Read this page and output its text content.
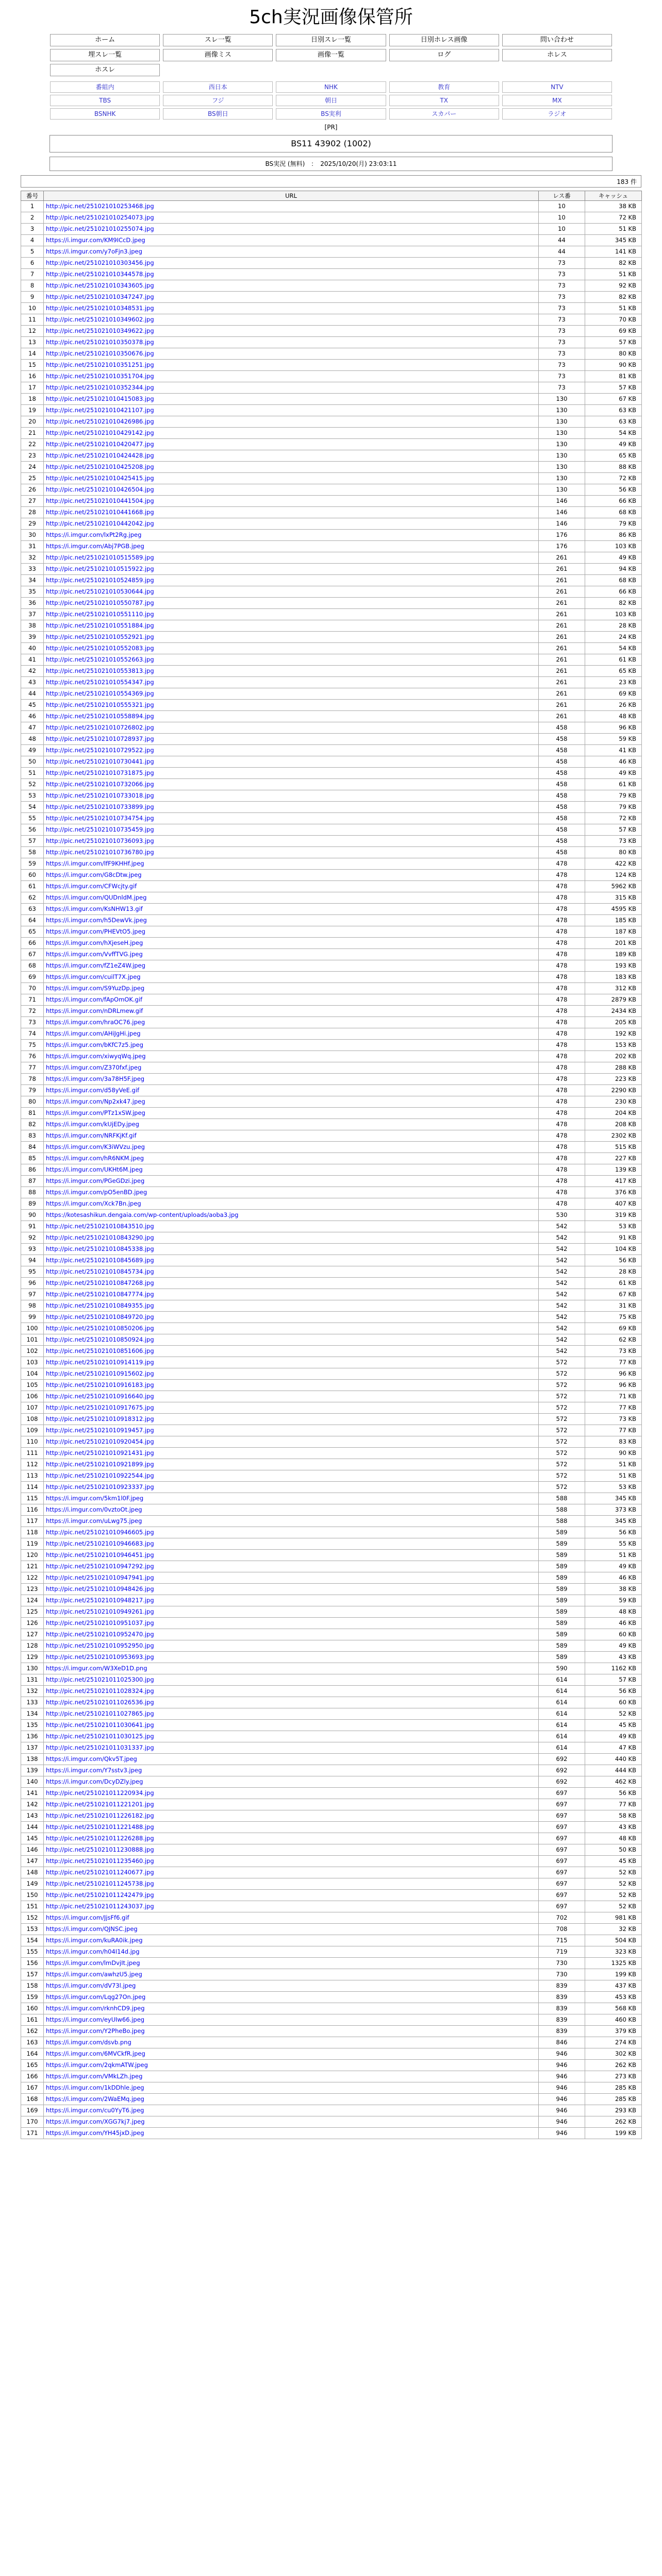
5ch実況画像保管所
ホーム	スレ一覧	日別スレ一覧	日別ホレス画像	問い合わせ
埋スレ一覧	画像ミス	画像一覧	ログ	ホレス
ホスレ
番組内	西日本	NHK	教育	NTV
TBS	フジ	朝日	TX	MX
BSNHK	BS朝日	BS実利	スカパー	ラジオ
[PR]
BS11 43902 (1002)
BS実況 (無料)　：　2025/10/20(月) 23:03:11
183 件
番号	URL	レス番	キャッシュ
1	http://pic.net/251021010253468.jpg	10	38 KB
2	http://pic.net/251021010254073.jpg	10	72 KB
3	http://pic.net/251021010255074.jpg	10	51 KB
4	https://i.imgur.com/KM9ICcD.jpeg	44	345 KB
5	https://i.imgur.com/y7oFjn3.jpeg	44	141 KB
6	http://pic.net/251021010303456.jpg	73	82 KB
7	http://pic.net/251021010344578.jpg	73	51 KB
8	http://pic.net/251021010343605.jpg	73	92 KB
9	http://pic.net/251021010347247.jpg	73	82 KB
10	http://pic.net/251021010348531.jpg	73	51 KB
11	http://pic.net/251021010349602.jpg	73	70 KB
12	http://pic.net/251021010349622.jpg	73	69 KB
13	http://pic.net/251021010350378.jpg	73	57 KB
14	http://pic.net/251021010350676.jpg	73	80 KB
15	http://pic.net/251021010351251.jpg	73	90 KB
16	http://pic.net/251021010351704.jpg	73	81 KB
17	http://pic.net/251021010352344.jpg	73	57 KB
18	http://pic.net/251021010415083.jpg	130	67 KB
19	http://pic.net/251021010421107.jpg	130	63 KB
20	http://pic.net/251021010426986.jpg	130	63 KB
21	http://pic.net/251021010429142.jpg	130	54 KB
22	http://pic.net/251021010420477.jpg	130	49 KB
23	http://pic.net/251021010424428.jpg	130	65 KB
24	http://pic.net/251021010425208.jpg	130	88 KB
25	http://pic.net/251021010425415.jpg	130	72 KB
26	http://pic.net/251021010426504.jpg	130	56 KB
27	http://pic.net/251021010441504.jpg	146	66 KB
28	http://pic.net/251021010441668.jpg	146	68 KB
29	http://pic.net/251021010442042.jpg	146	79 KB
30	https://i.imgur.com/lxPt2Rg.jpeg	176	86 KB
31	https://i.imgur.com/Abj7PGB.jpeg	176	103 KB
32	http://pic.net/251021010515589.jpg	261	49 KB
33	http://pic.net/251021010515922.jpg	261	94 KB
34	http://pic.net/251021010524859.jpg	261	68 KB
35	http://pic.net/251021010530644.jpg	261	66 KB
36	http://pic.net/251021010550787.jpg	261	82 KB
37	http://pic.net/251021010551110.jpg	261	103 KB
38	http://pic.net/251021010551884.jpg	261	28 KB
39	http://pic.net/251021010552921.jpg	261	24 KB
40	http://pic.net/251021010552083.jpg	261	54 KB
41	http://pic.net/251021010552663.jpg	261	61 KB
42	http://pic.net/251021010553813.jpg	261	65 KB
43	http://pic.net/251021010554347.jpg	261	23 KB
44	http://pic.net/251021010554369.jpg	261	69 KB
45	http://pic.net/251021010555321.jpg	261	26 KB
46	http://pic.net/251021010558894.jpg	261	48 KB
47	http://pic.net/251021010726802.jpg	458	96 KB
48	http://pic.net/251021010728937.jpg	458	59 KB
49	http://pic.net/251021010729522.jpg	458	41 KB
50	http://pic.net/251021010730441.jpg	458	46 KB
51	http://pic.net/251021010731875.jpg	458	49 KB
52	http://pic.net/251021010732066.jpg	458	61 KB
53	http://pic.net/251021010733018.jpg	458	79 KB
54	http://pic.net/251021010733899.jpg	458	79 KB
55	http://pic.net/251021010734754.jpg	458	72 KB
56	http://pic.net/251021010735459.jpg	458	57 KB
57	http://pic.net/251021010736093.jpg	458	73 KB
58	http://pic.net/251021010736780.jpg	458	80 KB
59	https://i.imgur.com/lfF9KHHf.jpeg	478	422 KB
60	https://i.imgur.com/G8cDtw.jpeg	478	124 KB
61	https://i.imgur.com/CFWcjty.gif	478	5962 KB
62	https://i.imgur.com/QUDnldM.jpeg	478	315 KB
63	https://i.imgur.com/KsNHW13.gif	478	4595 KB
64	https://i.imgur.com/h5DewVk.jpeg	478	185 KB
65	https://i.imgur.com/PHEVtO5.jpeg	478	187 KB
66	https://i.imgur.com/hXjeseH.jpeg	478	201 KB
67	https://i.imgur.com/VvffTVG.jpeg	478	189 KB
68	https://i.imgur.com/fZ1eZ4W.jpeg	478	193 KB
69	https://i.imgur.com/cuilT7X.jpeg	478	183 KB
70	https://i.imgur.com/S9YuzDp.jpeg	478	312 KB
71	https://i.imgur.com/fApOmOK.gif	478	2879 KB
72	https://i.imgur.com/nDRLmew.gif	478	2434 KB
73	https://i.imgur.com/hraOC76.jpeg	478	205 KB
74	https://i.imgur.com/AHiJgHi.jpeg	478	192 KB
75	https://i.imgur.com/bKfC7z5.jpeg	478	153 KB
76	https://i.imgur.com/xiwyqWq.jpeg	478	202 KB
77	https://i.imgur.com/Z370fxf.jpeg	478	288 KB
78	https://i.imgur.com/3a78H5F.jpeg	478	223 KB
79	https://i.imgur.com/d58yVeE.gif	478	2290 KB
80	https://i.imgur.com/Np2xk47.jpeg	478	230 KB
81	https://i.imgur.com/PTz1xSW.jpeg	478	204 KB
82	https://i.imgur.com/kUjEDy.jpeg	478	208 KB
83	https://i.imgur.com/NRFKjKf.gif	478	2302 KB
84	https://i.imgur.com/K3iWVzu.jpeg	478	515 KB
85	https://i.imgur.com/hR6NKM.jpeg	478	227 KB
86	https://i.imgur.com/UKHt6M.jpeg	478	139 KB
87	https://i.imgur.com/PGeGDzi.jpeg	478	417 KB
88	https://i.imgur.com/pO5enBD.jpeg	478	376 KB
89	https://i.imgur.com/Xck7Bn.jpeg	478	407 KB
90	https://kotesashikun.dengaia.com/wp-content/uploads/aoba3.jpg	530	319 KB
91	http://pic.net/251021010843510.jpg	542	53 KB
92	http://pic.net/251021010843290.jpg	542	91 KB
93	http://pic.net/251021010845338.jpg	542	104 KB
94	http://pic.net/251021010845689.jpg	542	56 KB
95	http://pic.net/251021010845734.jpg	542	28 KB
96	http://pic.net/251021010847268.jpg	542	61 KB
97	http://pic.net/251021010847774.jpg	542	67 KB
98	http://pic.net/251021010849355.jpg	542	31 KB
99	http://pic.net/251021010849720.jpg	542	75 KB
100	http://pic.net/251021010850206.jpg	542	69 KB
101	http://pic.net/251021010850924.jpg	542	62 KB
102	http://pic.net/251021010851606.jpg	542	73 KB
103	http://pic.net/251021010914119.jpg	572	77 KB
104	http://pic.net/251021010915602.jpg	572	96 KB
105	http://pic.net/251021010916183.jpg	572	96 KB
106	http://pic.net/251021010916640.jpg	572	71 KB
107	http://pic.net/251021010917675.jpg	572	77 KB
108	http://pic.net/251021010918312.jpg	572	73 KB
109	http://pic.net/251021010919457.jpg	572	77 KB
110	http://pic.net/251021010920454.jpg	572	83 KB
111	http://pic.net/251021010921431.jpg	572	90 KB
112	http://pic.net/251021010921899.jpg	572	51 KB
113	http://pic.net/251021010922544.jpg	572	51 KB
114	http://pic.net/251021010923337.jpg	572	53 KB
115	https://i.imgur.com/5km1l0F.jpeg	588	345 KB
116	https://i.imgur.com/0vztoOt.jpeg	588	373 KB
117	https://i.imgur.com/uLwg75.jpeg	588	345 KB
118	http://pic.net/251021010946605.jpg	589	56 KB
119	http://pic.net/251021010946683.jpg	589	55 KB
120	http://pic.net/251021010946451.jpg	589	51 KB
121	http://pic.net/251021010947292.jpg	589	49 KB
122	http://pic.net/251021010947941.jpg	589	46 KB
123	http://pic.net/251021010948426.jpg	589	38 KB
124	http://pic.net/251021010948217.jpg	589	59 KB
125	http://pic.net/251021010949261.jpg	589	48 KB
126	http://pic.net/251021010951037.jpg	589	46 KB
127	http://pic.net/251021010952470.jpg	589	60 KB
128	http://pic.net/251021010952950.jpg	589	49 KB
129	http://pic.net/251021010953693.jpg	589	43 KB
130	https://i.imgur.com/W3XeD1D.png	590	1162 KB
131	http://pic.net/251021011025300.jpg	614	57 KB
132	http://pic.net/251021011028324.jpg	614	56 KB
133	http://pic.net/251021011026536.jpg	614	60 KB
134	http://pic.net/251021011027865.jpg	614	52 KB
135	http://pic.net/251021011030641.jpg	614	45 KB
136	http://pic.net/251021011030125.jpg	614	49 KB
137	http://pic.net/251021011031337.jpg	614	47 KB
138	https://i.imgur.com/Qkv5T.jpeg	692	440 KB
139	https://i.imgur.com/Y7sstv3.jpeg	692	444 KB
140	https://i.imgur.com/DcyDZly.jpeg	692	462 KB
141	http://pic.net/251021011220934.jpg	697	56 KB
142	http://pic.net/251021011221201.jpg	697	77 KB
143	http://pic.net/251021011226182.jpg	697	58 KB
144	http://pic.net/251021011221488.jpg	697	43 KB
145	http://pic.net/251021011226288.jpg	697	48 KB
146	http://pic.net/251021011230888.jpg	697	50 KB
147	http://pic.net/251021011235460.jpg	697	45 KB
148	http://pic.net/251021011240677.jpg	697	52 KB
149	http://pic.net/251021011245738.jpg	697	52 KB
150	http://pic.net/251021011242479.jpg	697	52 KB
151	http://pic.net/251021011243037.jpg	697	52 KB
152	https://i.imgur.com/JjsFf6.gif	702	981 KB
153	https://i.imgur.com/QJNSC.jpeg	708	32 KB
154	https://i.imgur.com/kuRA0ik.jpeg	715	504 KB
155	https://i.imgur.com/h04I14d.jpg	719	323 KB
156	https://i.imgur.com/lmDvjIt.jpeg	730	1325 KB
157	https://i.imgur.com/awhzU5.jpeg	730	199 KB
158	https://i.imgur.com/dV73l.jpeg	839	437 KB
159	https://i.imgur.com/Lqg27On.jpeg	839	453 KB
160	https://i.imgur.com/rknhCD9.jpeg	839	568 KB
161	https://i.imgur.com/eyUIw66.jpeg	839	460 KB
162	https://i.imgur.com/Y2PheBo.jpeg	839	379 KB
163	https://i.imgur.com/dsvb.png	846	274 KB
164	https://i.imgur.com/6MVCkfR.jpeg	946	302 KB
165	https://i.imgur.com/2qkmATW.jpeg	946	262 KB
166	https://i.imgur.com/VMkLZh.jpeg	946	273 KB
167	https://i.imgur.com/1kDDhle.jpeg	946	285 KB
168	https://i.imgur.com/2WaEMq.jpeg	946	285 KB
169	https://i.imgur.com/cu0YyT6.jpeg	946	293 KB
170	https://i.imgur.com/XGG7kj7.jpeg	946	262 KB
171	https://i.imgur.com/YH45jxD.jpeg	946	199 KB
